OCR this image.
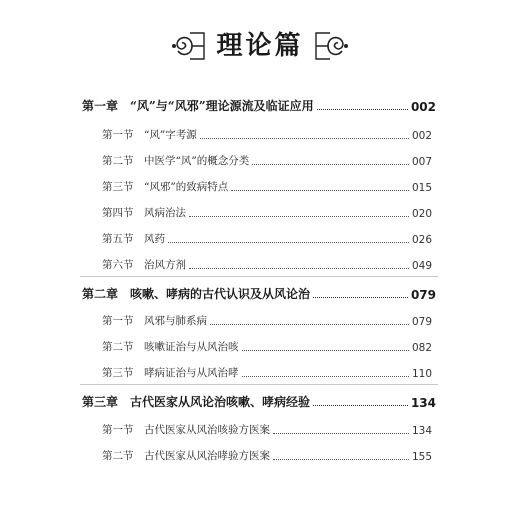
理论篇
第一章　“风”与“风邪”理论源流及临证应用	002
第一节　“风”字考源	002
第二节　中医学“风”的概念分类	007
第三节　“风邪”的致病特点	015
第四节　风病治法	020
第五节　风药	026
第六节　治风方剂	049
第二章　咳嗽、哮病的古代认识及从风论治	079
第一节　风邪与肺系病	079
第二节　咳嗽证治与从风治咳	082
第三节　哮病证治与从风治哮	110
第三章　古代医家从风论治咳嗽、哮病经验	134
第一节　古代医家从风治咳验方医案	134
第二节　古代医家从风治哮验方医案	155
